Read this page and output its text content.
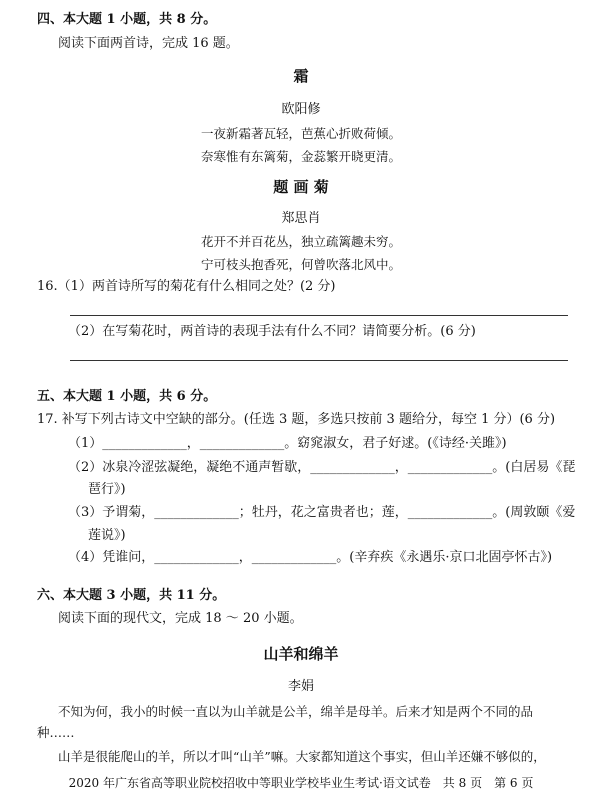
四、本大题 1 小题，共 8 分。
阅读下面两首诗，完成 16 题。
霜
欧阳修
一夜新霜著瓦轻，芭蕉心折败荷倾。
奈寒惟有东篱菊，金蕊繁开晓更清。
题 画 菊
郑思肖
花开不并百花丛，独立疏篱趣未穷。
宁可枝头抱香死，何曾吹落北风中。
16.（1）两首诗所写的菊花有什么相同之处？(2 分)
（2）在写菊花时，两首诗的表现手法有什么不同？请简要分析。(6 分)
五、本大题 1 小题，共 6 分。
17. 补写下列古诗文中空缺的部分。(任选 3 题，多选只按前 3 题给分，每空 1 分）(6 分)
（1）_____________，_____________。窈窕淑女，君子好逑。(《诗经·关雎》)
（2）冰泉冷涩弦凝绝，凝绝不通声暂歇，_____________，_____________。(白居易《琵
琶行》)
（3）予谓菊，_____________；牡丹，花之富贵者也；莲，_____________。(周敦颐《爱
莲说》)
（4）凭谁问，_____________，_____________。(辛弃疾《永遇乐·京口北固亭怀古》)
六、本大题 3 小题，共 11 分。
阅读下面的现代文，完成 18 ～ 20 小题。
山羊和绵羊
李娟
不知为何，我小的时候一直以为山羊就是公羊，绵羊是母羊。后来才知是两个不同的品
种……
山羊是很能爬山的羊，所以才叫“山羊”嘛。大家都知道这个事实，但山羊还嫌不够似的，
2020 年广东省高等职业院校招收中等职业学校毕业生考试·语文试卷　共 8 页　第 6 页
